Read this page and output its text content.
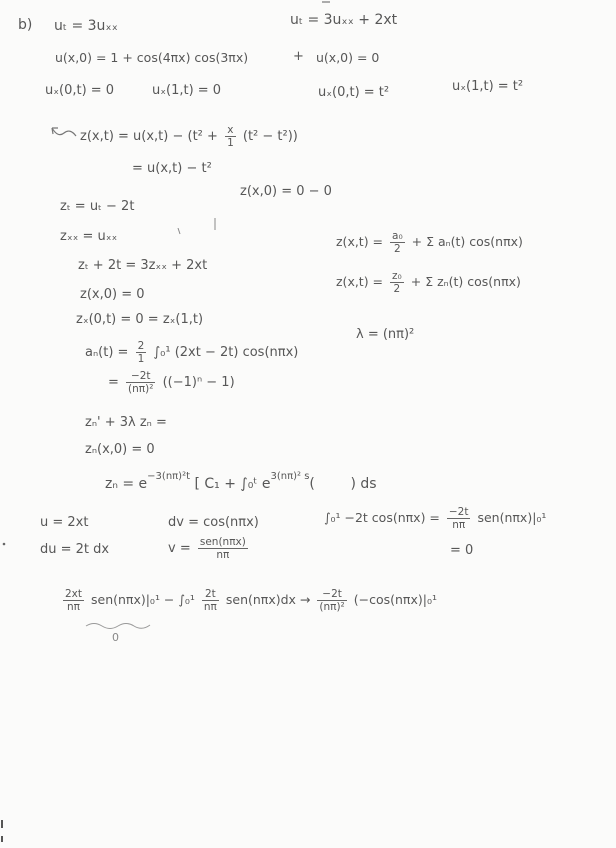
b) uₜ = 3uₓₓ	uₜ = 3uₓₓ + 2xt
u(x,0) = 1 + cos(4πx) cos(3πx)	+ u(x,0) = 0
uₓ(0,t) = 0	uₓ(1,t) = 0	uₓ(0,t) = t²	uₓ(1,t) = t²
$z(x,t) = u(x,t) - (t^2 + \frac{x}{1} (t^2 - t^2))$
= u(x,t) − t²
z(x,0) = 0 − 0
zₜ = uₜ − 2t
zₓₓ = uₓₓ
zₜ + 2t = 3zₓₓ + 2xt
z(x,0) = 0
zₓ(0,t) = 0 = zₓ(1,t)
$z(x,t) = \frac{\text{a₀}}{2} + \Sigma$ aₙ(t) cos(nπx)
$z(x,t) = \frac{\text{z₀}}{2} + \Sigma$ zₙ(t) cos(nπx)
λ = (nπ)²
$a_n(t) = \frac{2}{1} \int_0^1$ (2xt − 2t) cos(nπx)
= $\frac{-2t}{\text{(nπ)²}} ((-1)^n - 1)$
zₙ' + 3λ zₙ =
zₙ(x,0) = 0
$z_n = e^{-3(n\pi)^2t}$ [ C₁ + ∫₀ᵗ $e^{3(n\pi)^2 s}$(        ) ds
u = 2xt	dv = cos(nπx)
du = 2t dx	$v = \frac{\text{sen(nπx)}}{n\pi}$
∫₀¹ −2t $\cos(n\pi x) = \frac{-2t}{n\pi} sen(n\pi x)|_0^1$
= 0
$\frac{2xt}{n\pi} sen(n\pi x)|_0^1 - \int_0^1 \frac{2t}{n\pi} sen(n\pi x)dx \to \frac{-2t}{\text{(nπ)²}} (-\cos(n\pi x)|_0^1$
0
